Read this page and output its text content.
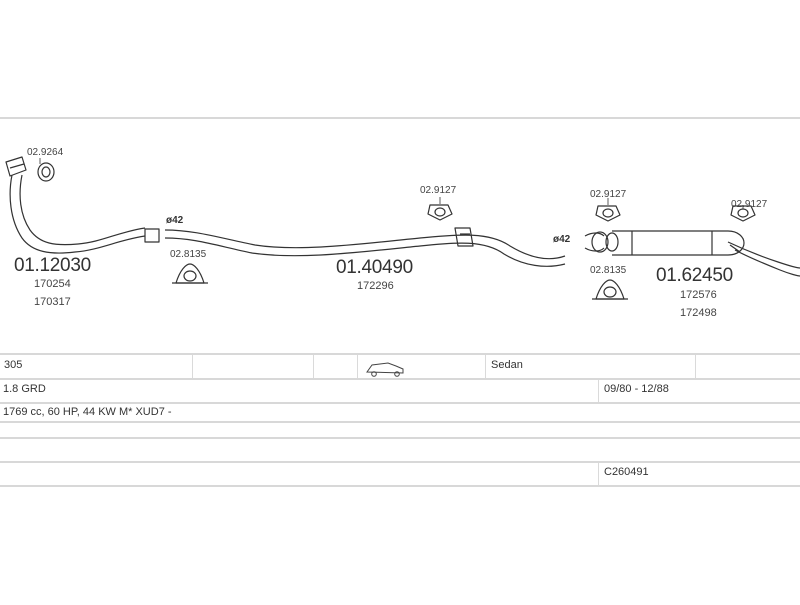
02.9264
ø42
02.8135
01.12030
170254
170317
02.9127
01.40490
172296
ø42
02.9127
02.9127
02.8135 01.62450
172576
172498
305	Sedan
1.8 GRD	09/80 - 12/88
1769 cc, 60 HP, 44 KW M* XUD7 -
C260491
